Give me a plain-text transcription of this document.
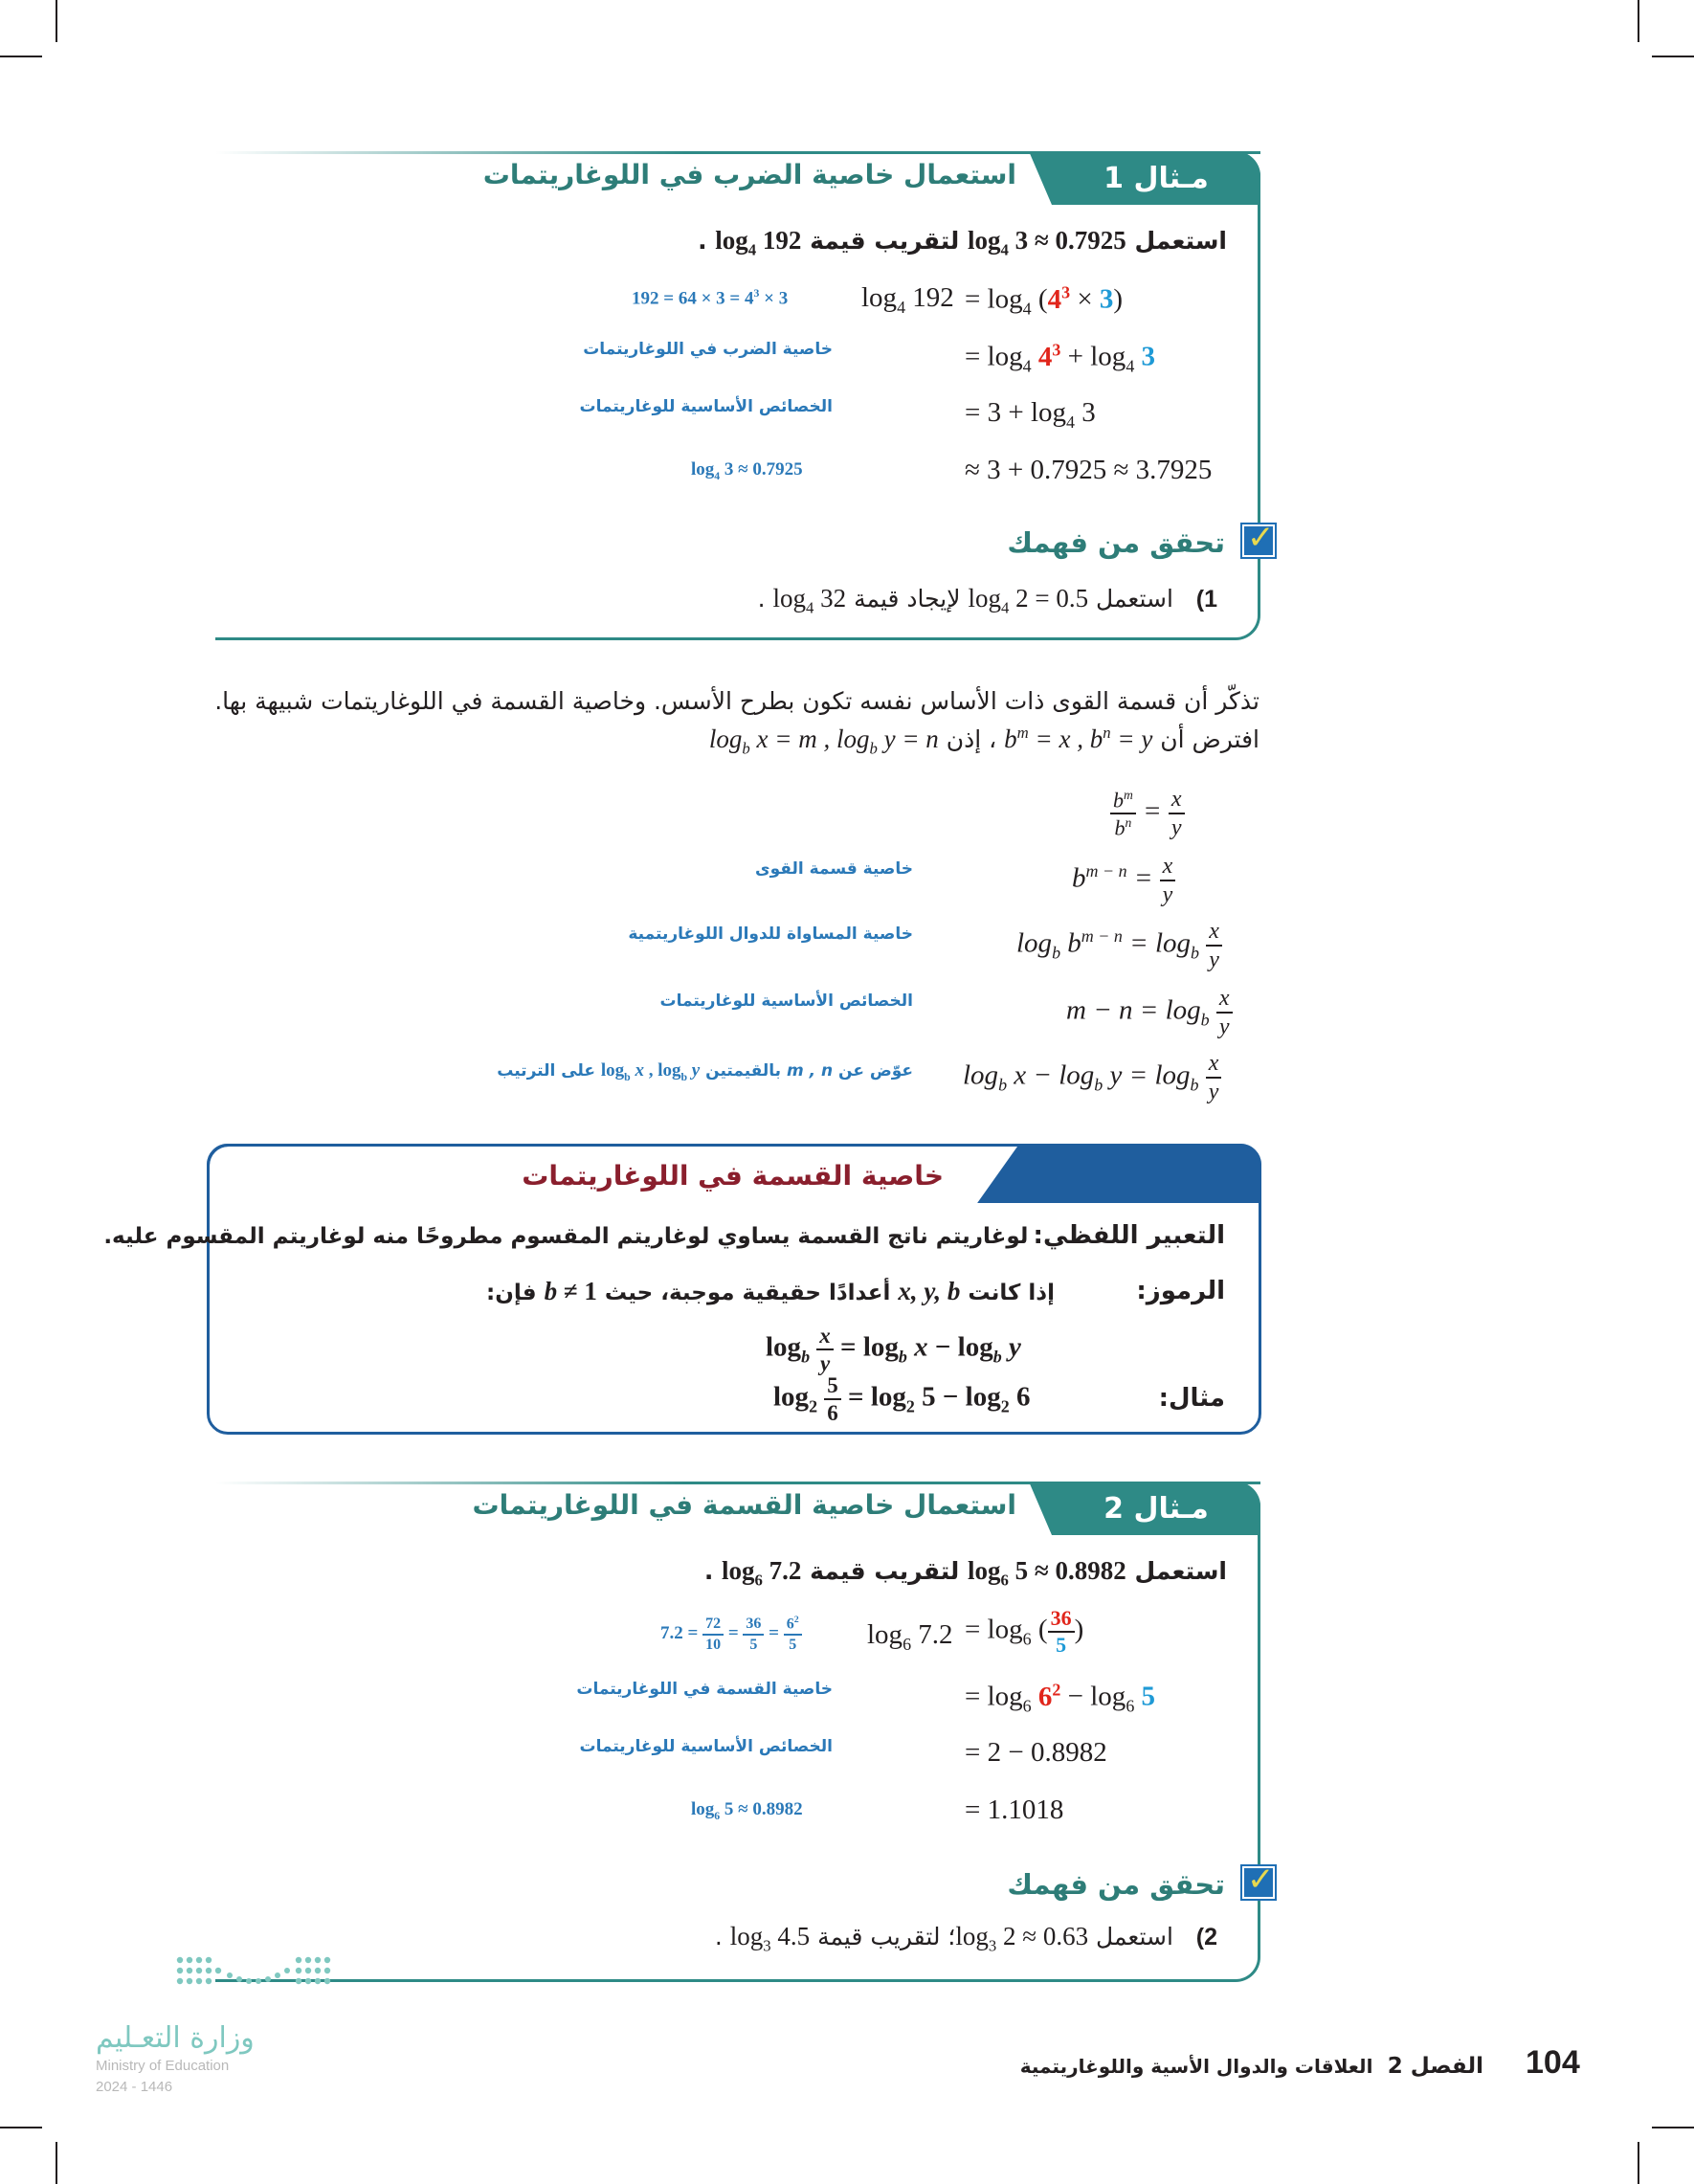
مـثال 1
استعمال خاصية الضرب في اللوغاريتمات
استعمل $\log_4 3 \approx 0.7925$ لتقريب قيمة $\log_4 192$ .
$\log_4 192 = \log_4 (4^3 \times 3)$
$192 = 64 \times 3 = 4^3 \times 3$
= $\log_4 4^3 + \log_4 3$
خاصية الضرب في اللوغاريتمات
= $3 + \log_4 3$
الخصائص الأساسية للوغاريتمات
≈ 3 + 0.7925 ≈ 3.7925
$\log_4 3 \approx 0.7925$
✓
تحقق من فهمك
1)   استعمل $\log_4 2 = 0.5$ لإيجاد قيمة $\log_4 32$ .
تذكّر أن قسمة القوى ذات الأساس نفسه تكون بطرح الأسس. وخاصية القسمة في اللوغاريتمات شبيهة بها.
افترض أن $b^m = x$ , $b^n = y$ ، إذن $\log_b x = m$ , $\log_b y = n$
$\frac{b^m}{b^n} = \frac{x}{y}$
$b^{m - n} = \frac{x}{y}$
خاصية قسمة القوى
$\log_b b^{m - n} = \log_b \frac{x}{y}$
خاصية المساواة للدوال اللوغاريتمية
$m - n = \log_b \frac{x}{y}$
الخصائص الأساسية للوغاريتمات
$\log_b x - \log_b y = \log_b \frac{x}{y}$
عوّض عن m , n بالقيمتين $\log_b x$ , $\log_b y$ على الترتيب
مفهوم أساسي
خاصية القسمة في اللوغاريتمات
التعبير اللفظي: لوغاريتم ناتج القسمة يساوي لوغاريتم المقسوم مطروحًا منه لوغاريتم المقسوم عليه.
الرموز:
إذا كانت x, y, b أعدادًا حقيقية موجبة، حيث b ≠ 1 فإن:
$\log_b \frac{x}{y} = \log_b x - \log_b y$
مثال:
$\log_2 \frac{5}{6} = \log_2 5 - \log_2 6$
مـثال 2
استعمال خاصية القسمة في اللوغاريتمات
استعمل $\log_6 5 \approx 0.8982$ لتقريب قيمة $\log_6 7.2$ .
$\log_6 7.2 = \log_6$ ( $\frac{36}{5}$ )
$7.2 = \frac{72}{10} = \frac{36}{5} = \frac{6^2}{5}$
= $\log_6 6^2 - \log_6 5$
خاصية القسمة في اللوغاريتمات
= 2 − 0.8982
الخصائص الأساسية للوغاريتمات
= 1.1018
$\log_6 5 \approx 0.8982$
✓
تحقق من فهمك
2)   استعمل $\log_3 2$ ≈ 0.63؛ لتقريب قيمة $\log_3 4.5$ .
وزارة التعـليم
Ministry of Education
2024 - 1446
104
الفصل 2   العلاقات والدوال الأسية واللوغاريتمية
